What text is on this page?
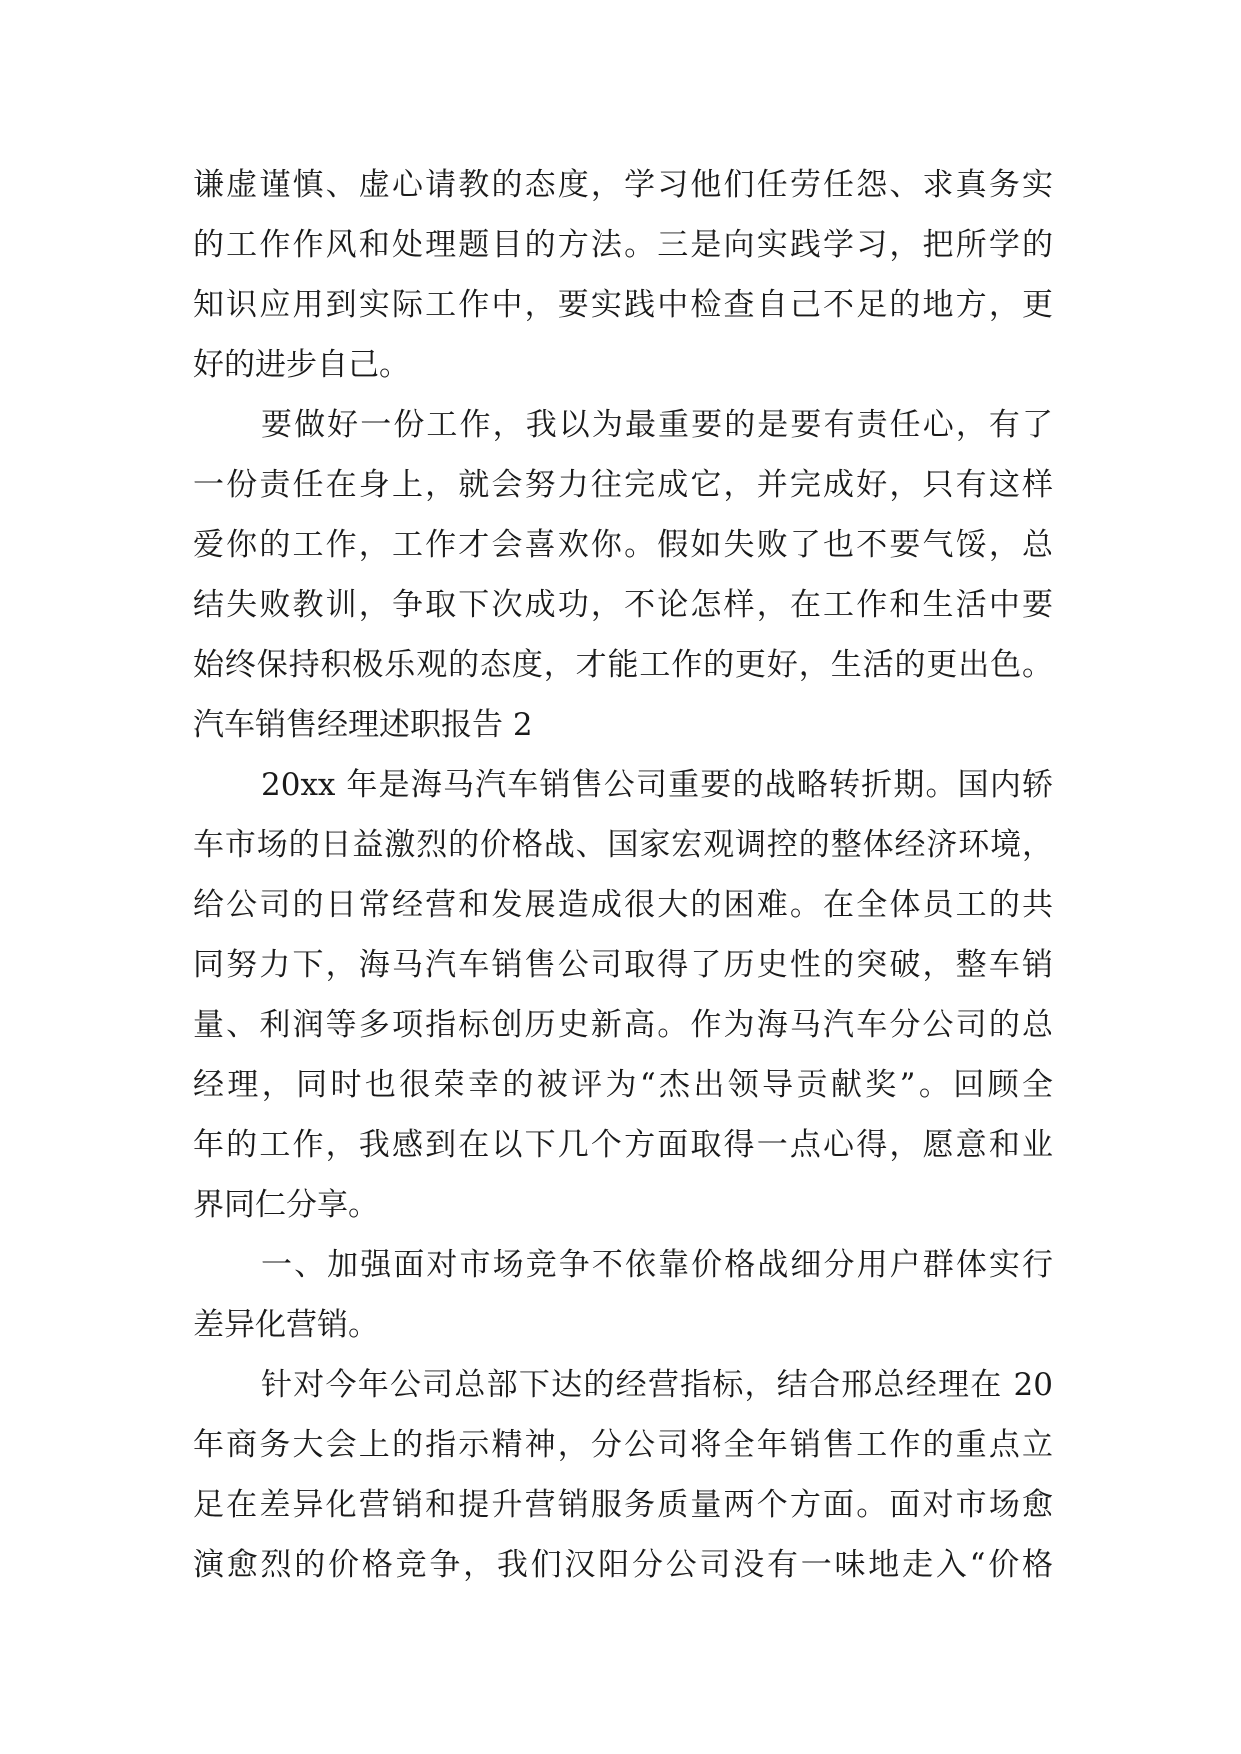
谦虚谨慎、虚心请教的态度，学习他们任劳任怨、求真务实
的工作作风和处理题目的方法。三是向实践学习，把所学的
知识应用到实际工作中，要实践中检查自己不足的地方，更
好的进步自己。
要做好一份工作，我以为最重要的是要有责任心，有了
一份责任在身上，就会努力往完成它，并完成好，只有这样
爱你的工作，工作才会喜欢你。假如失败了也不要气馁，总
结失败教训，争取下次成功，不论怎样，在工作和生活中要
始终保持积极乐观的态度，才能工作的更好，生活的更出色。
汽车销售经理述职报告 2
20xx 年是海马汽车销售公司重要的战略转折期。国内轿
车市场的日益激烈的价格战、国家宏观调控的整体经济环境，
给公司的日常经营和发展造成很大的困难。在全体员工的共
同努力下，海马汽车销售公司取得了历史性的突破，整车销
量、利润等多项指标创历史新高。作为海马汽车分公司的总
经理，同时也很荣幸的被评为“杰出领导贡献奖”。回顾全
年的工作，我感到在以下几个方面取得一点心得，愿意和业
界同仁分享。
一、加强面对市场竞争不依靠价格战细分用户群体实行
差异化营销。
针对今年公司总部下达的经营指标，结合邢总经理在 20
年商务大会上的指示精神，分公司将全年销售工作的重点立
足在差异化营销和提升营销服务质量两个方面。面对市场愈
演愈烈的价格竞争，我们汉阳分公司没有一味地走入“价格
